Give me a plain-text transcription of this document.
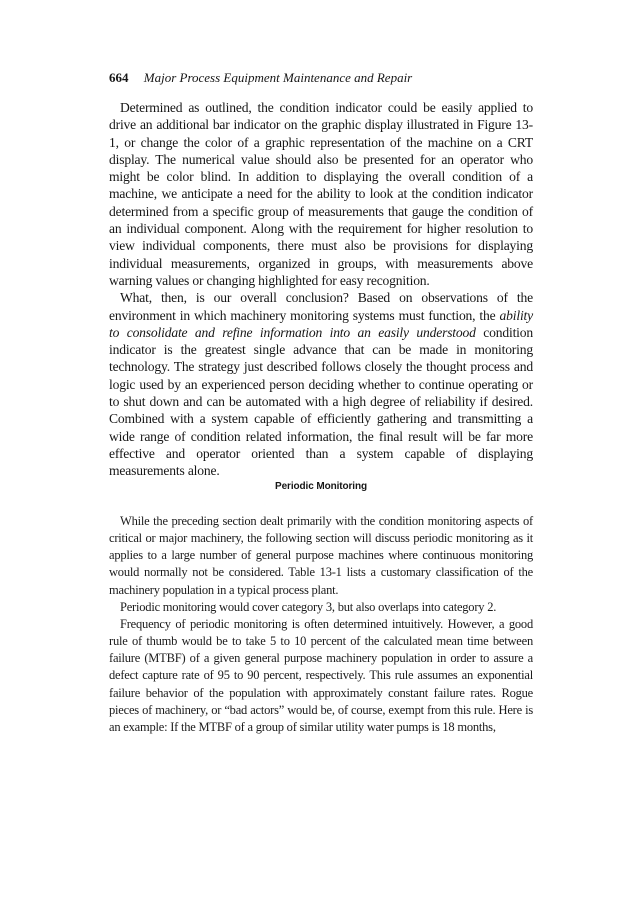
664 Major Process Equipment Maintenance and Repair

Determined as outlined, the condition indicator could be easily applied to drive an additional bar indicator on the graphic display illustrated in Figure 13-1, or change the color of a graphic representation of the machine on a CRT display. The numerical value should also be presented for an operator who might be color blind. In addition to displaying the overall condition of a machine, we anticipate a need for the ability to look at the condition indicator determined from a specific group of measurements that gauge the condition of an individual component. Along with the requirement for higher resolution to view individual components, there must also be provisions for displaying individual measurements, organized in groups, with measurements above warning values or changing highlighted for easy recognition.

What, then, is our overall conclusion? Based on observations of the environment in which machinery monitoring systems must function, the ability to consolidate and refine information into an easily understood condition indicator is the greatest single advance that can be made in monitoring technology. The strategy just described follows closely the thought process and logic used by an experienced person deciding whether to continue operating or to shut down and can be automated with a high degree of reliability if desired. Combined with a system capable of efficiently gathering and transmitting a wide range of condition related information, the final result will be far more effective and operator oriented than a system capable of displaying measurements alone.

Periodic Monitoring

While the preceding section dealt primarily with the condition monitoring aspects of critical or major machinery, the following section will discuss periodic monitoring as it applies to a large number of general purpose machines where continuous monitoring would normally not be considered. Table 13-1 lists a customary classification of the machinery population in a typical process plant.

Periodic monitoring would cover category 3, but also overlaps into category 2.

Frequency of periodic monitoring is often determined intuitively. However, a good rule of thumb would be to take 5 to 10 percent of the calculated mean time between failure (MTBF) of a given general purpose machinery population in order to assure a defect capture rate of 95 to 90 percent, respectively. This rule assumes an exponential failure behavior of the population with approximately constant failure rates. Rogue pieces of machinery, or “bad actors” would be, of course, exempt from this rule. Here is an example: If the MTBF of a group of similar utility water pumps is 18 months,
